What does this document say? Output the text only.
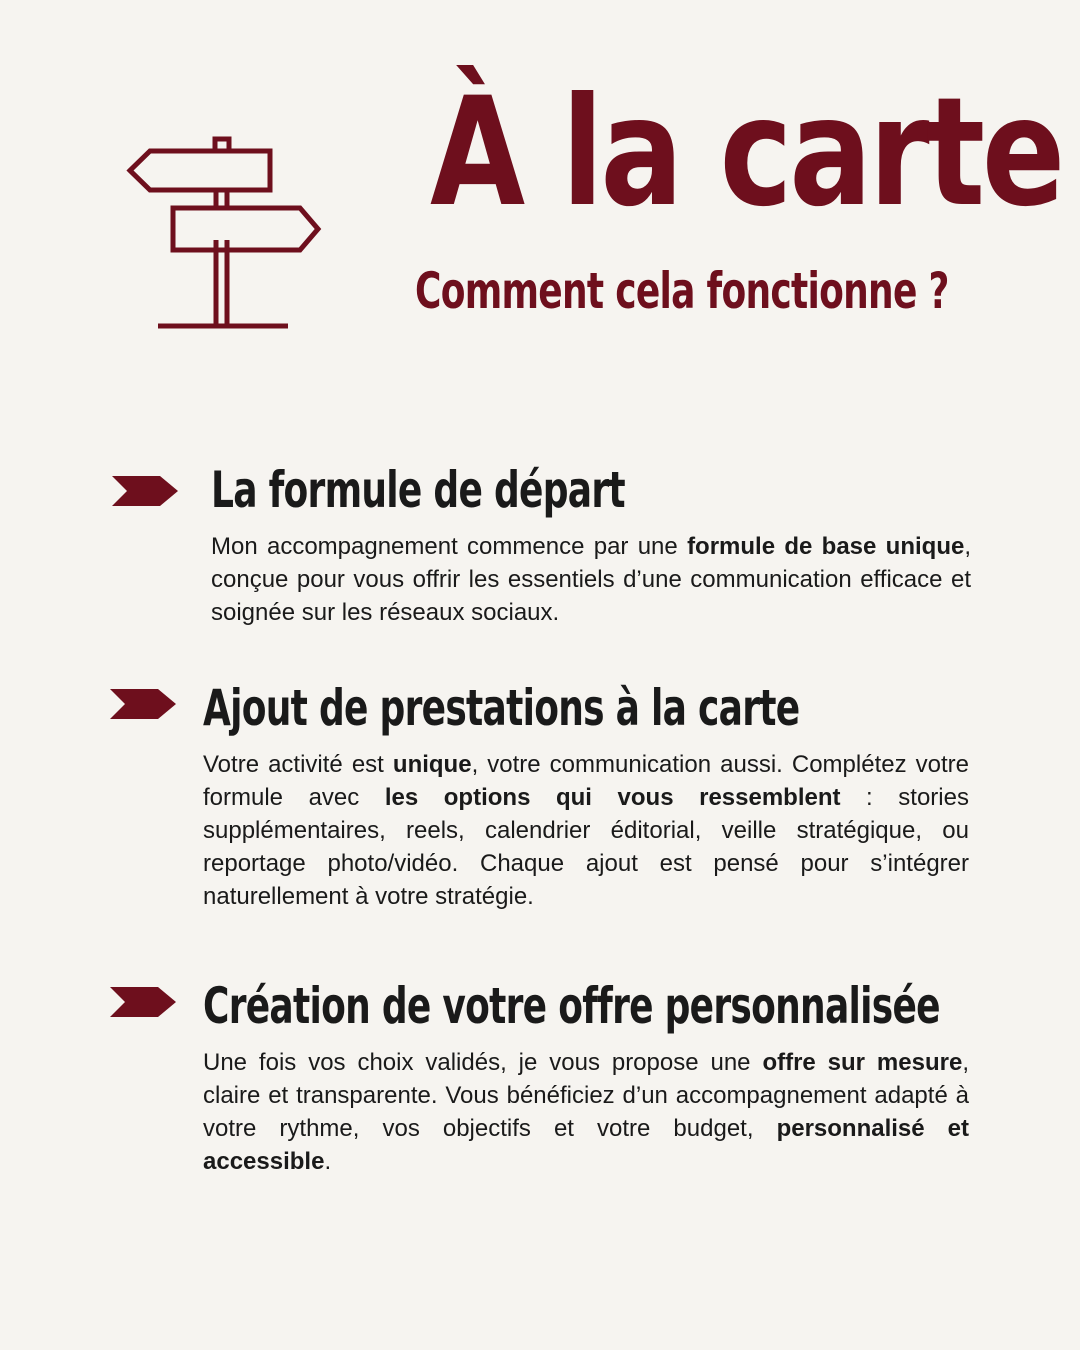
À la carte
Comment cela fonctionne ?
La formule de départ
Mon accompagnement commence par une formule de base unique, conçue pour vous offrir les essentiels d’une communication efficace et soignée sur les réseaux sociaux.
Ajout de prestations à la carte
Votre activité est unique, votre communication aussi. Complétez votre formule avec les options qui vous ressemblent : stories supplémentaires, reels, calendrier éditorial, veille stratégique, ou reportage photo/vidéo. Chaque ajout est pensé pour s’intégrer naturellement à votre stratégie.
Création de votre offre personnalisée
Une fois vos choix validés, je vous propose une offre sur mesure, claire et transparente. Vous bénéficiez d’un accompagnement adapté à votre rythme, vos objectifs et votre budget, personnalisé et accessible.
